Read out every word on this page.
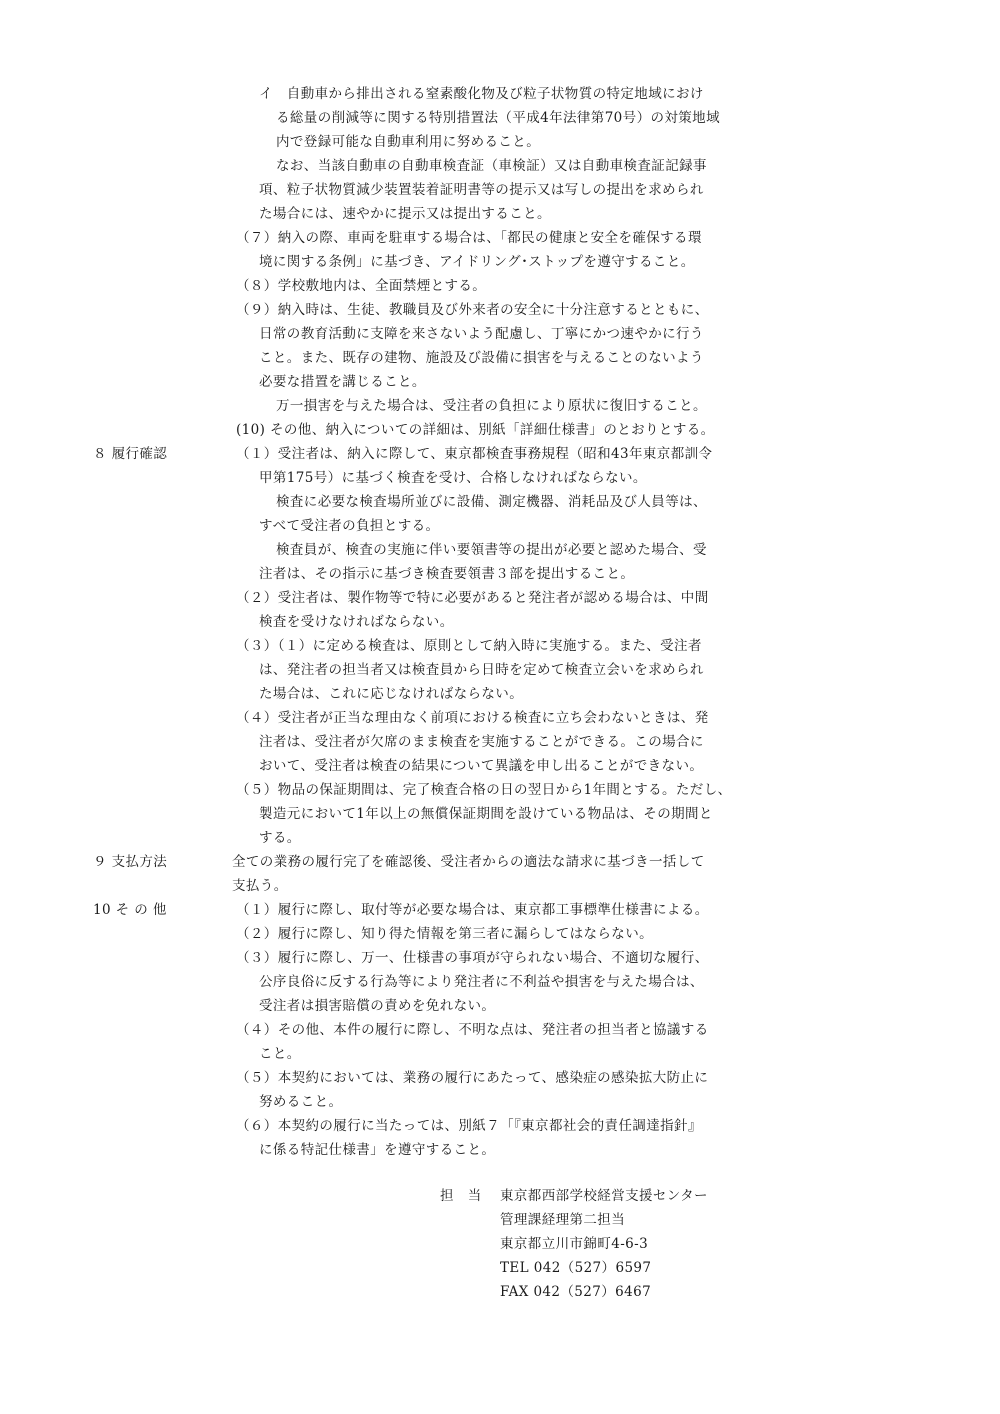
イ　自動車から排出される窒素酸化物及び粒子状物質の特定地域におけ
る総量の削減等に関する特別措置法（平成4年法律第70号）の対策地域
内で登録可能な自動車利用に努めること。
なお、当該自動車の自動車検査証（車検証）又は自動車検査証記録事
項、粒子状物質減少装置装着証明書等の提示又は写しの提出を求められ
た場合には、速やかに提示又は提出すること。
（７）納入の際、車両を駐車する場合は、「都民の健康と安全を確保する環
境に関する条例」に基づき、アイドリング･ストップを遵守すること。
（８）学校敷地内は、全面禁煙とする。
（９）納入時は、生徒、教職員及び外来者の安全に十分注意するとともに、
日常の教育活動に支障を来さないよう配慮し、丁寧にかつ速やかに行う
こと。また、既存の建物、施設及び設備に損害を与えることのないよう
必要な措置を講じること。
万一損害を与えた場合は、受注者の負担により原状に復旧すること。
(10) その他、納入についての詳細は、別紙「詳細仕様書」のとおりとする。
８ 履行確認	（１）受注者は、納入に際して、東京都検査事務規程（昭和43年東京都訓令
甲第175号）に基づく検査を受け、合格しなければならない。
検査に必要な検査場所並びに設備、測定機器、消耗品及び人員等は、
すべて受注者の負担とする。
検査員が、検査の実施に伴い要領書等の提出が必要と認めた場合、受
注者は、その指示に基づき検査要領書３部を提出すること。
（２）受注者は、製作物等で特に必要があると発注者が認める場合は、中間
検査を受けなければならない。
（３）（１）に定める検査は、原則として納入時に実施する。また、受注者
は、発注者の担当者又は検査員から日時を定めて検査立会いを求められ
た場合は、これに応じなければならない。
（４）受注者が正当な理由なく前項における検査に立ち会わないときは、発
注者は、受注者が欠席のまま検査を実施することができる。この場合に
おいて、受注者は検査の結果について異議を申し出ることができない。
（５）物品の保証期間は、完了検査合格の日の翌日から1年間とする。ただし、
製造元において1年以上の無償保証期間を設けている物品は、その期間と
する。
９ 支払方法	全ての業務の履行完了を確認後、受注者からの適法な請求に基づき一括して
支払う。
10 そ の 他	（１）履行に際し、取付等が必要な場合は、東京都工事標準仕様書による。
（２）履行に際し、知り得た情報を第三者に漏らしてはならない。
（３）履行に際し、万一、仕様書の事項が守られない場合、不適切な履行、
公序良俗に反する行為等により発注者に不利益や損害を与えた場合は、
受注者は損害賠償の責めを免れない。
（４）その他、本件の履行に際し、不明な点は、発注者の担当者と協議する
こと。
（５）本契約においては、業務の履行にあたって、感染症の感染拡大防止に
努めること。
（６）本契約の履行に当たっては、別紙７「『東京都社会的責任調達指針』
に係る特記仕様書」を遵守すること。
担　当 東京都西部学校経営支援センター
管理課経理第二担当
東京都立川市錦町4-6-3
TEL 042（527）6597
FAX 042（527）6467
